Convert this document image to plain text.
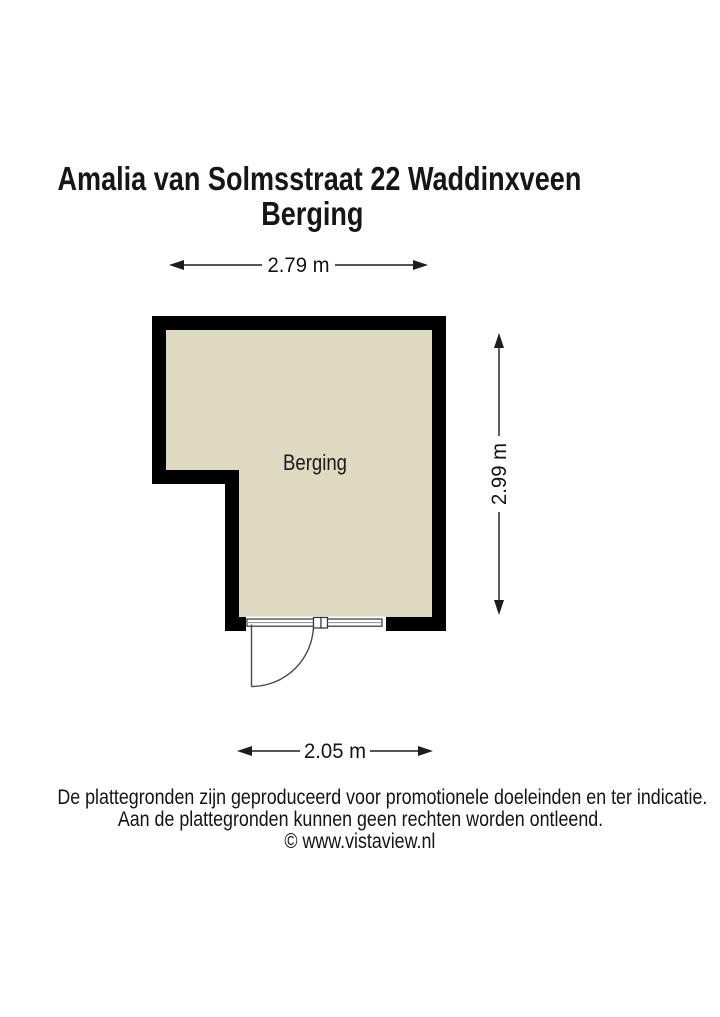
Amalia van Solmsstraat 22 Waddinxveen
Berging
2.79 m
2.99 m
2.05 m
Berging
De plattegronden zijn geproduceerd voor promotionele doeleinden en ter indicatie.
Aan de plattegronden kunnen geen rechten worden ontleend.
© www.vistaview.nl
